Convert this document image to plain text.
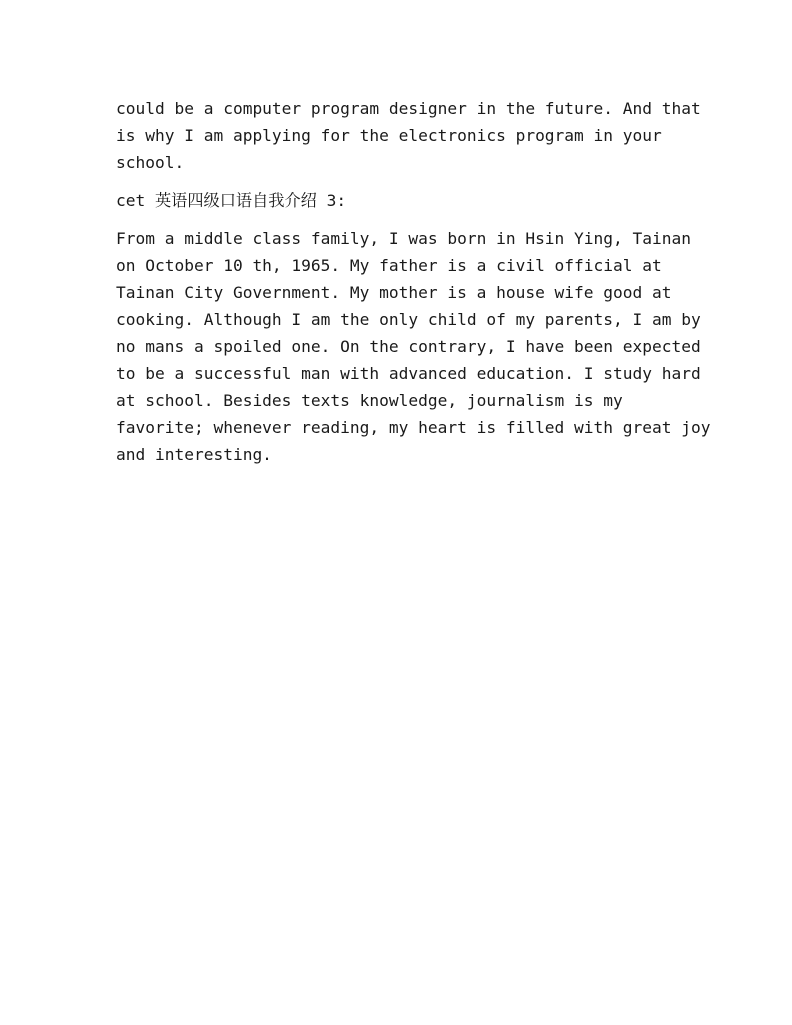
could be a computer program designer in the future. And that
is why I am applying for the electronics program in your
school.

cet 英语四级口语自我介绍 3:

From a middle class family, I was born in Hsin Ying, Tainan
on October 10 th, 1965. My father is a civil official at
Tainan City Government. My mother is a house wife good at
cooking. Although I am the only child of my parents, I am by
no mans a spoiled one. On the contrary, I have been expected
to be a successful man with advanced education. I study hard
at school. Besides texts knowledge, journalism is my
favorite; whenever reading, my heart is filled with great joy
and interesting.
